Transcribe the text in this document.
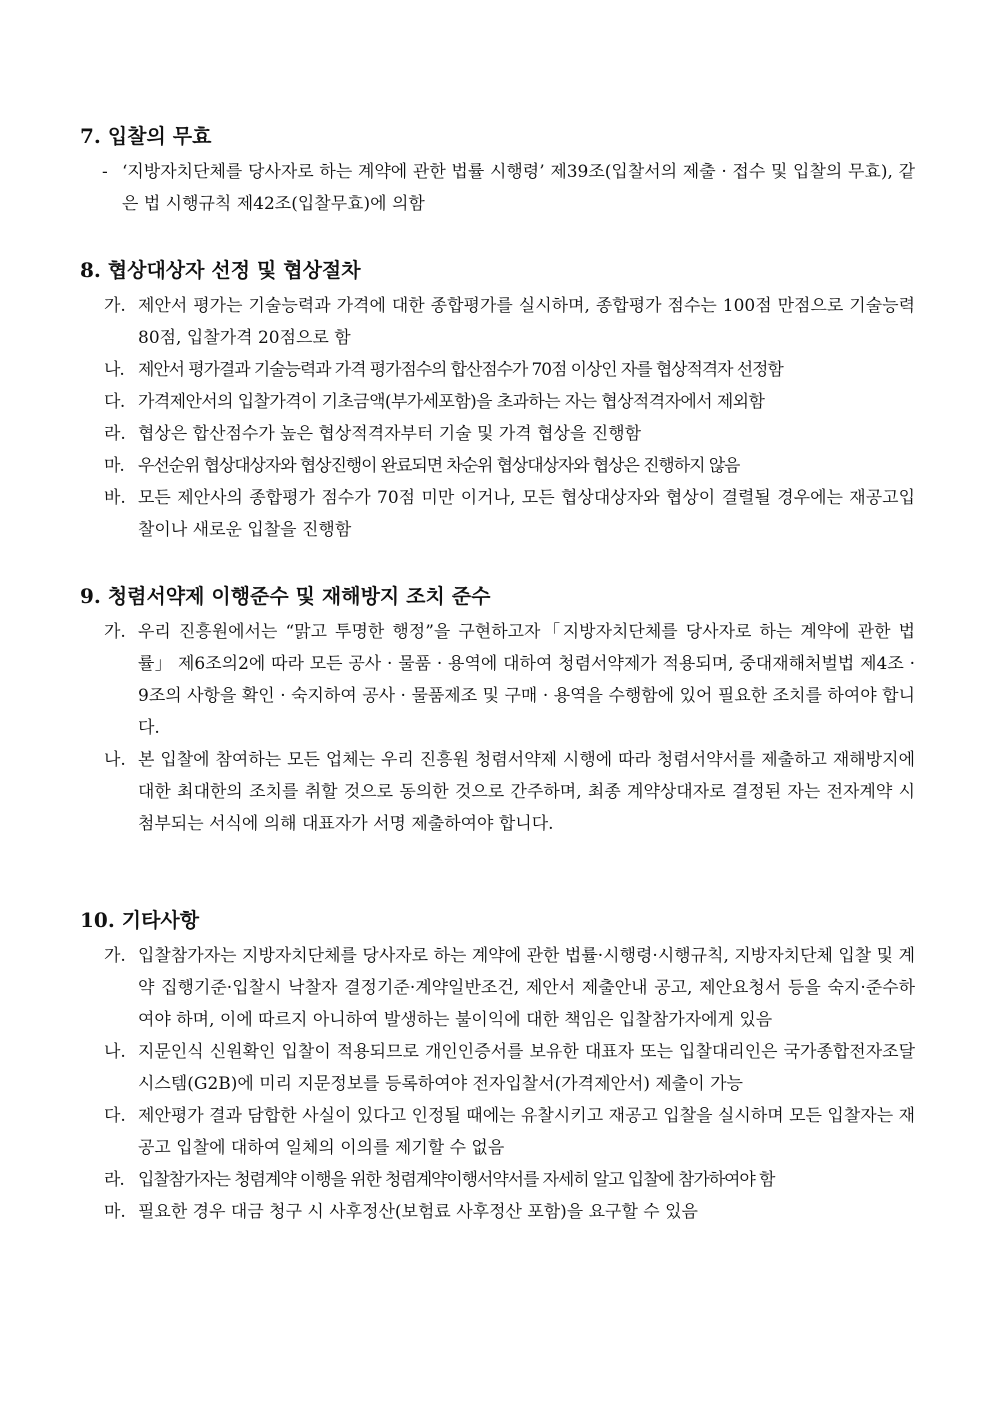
7. 입찰의 무효
- ‘지방자치단체를 당사자로 하는 계약에 관한 법률 시행령’ 제39조(입찰서의 제출 · 접수 및 입찰의 무효), 같은 법 시행규칙 제42조(입찰무효)에 의함
8. 협상대상자 선정 및 협상절차
가. 제안서 평가는 기술능력과 가격에 대한 종합평가를 실시하며, 종합평가 점수는 100점 만점으로 기술능력 80점, 입찰가격 20점으로 함
나. 제안서 평가결과 기술능력과 가격 평가점수의 합산점수가 70점 이상인 자를 협상적격자 선정함
다. 가격제안서의 입찰가격이 기초금액(부가세포함)을 초과하는 자는 협상적격자에서 제외함
라. 협상은 합산점수가 높은 협상적격자부터 기술 및 가격 협상을 진행함
마. 우선순위 협상대상자와 협상진행이 완료되면 차순위 협상대상자와 협상은 진행하지 않음
바. 모든 제안사의 종합평가 점수가 70점 미만 이거나, 모든 협상대상자와 협상이 결렬될 경우에는 재공고입찰이나 새로운 입찰을 진행함
9. 청렴서약제 이행준수 및 재해방지 조치 준수
가. 우리 진흥원에서는 “맑고 투명한 행정”을 구현하고자「지방자치단체를 당사자로 하는 계약에 관한 법률」 제6조의2에 따라 모든 공사 · 물품 · 용역에 대하여 청렴서약제가 적용되며, 중대재해처벌법 제4조 · 9조의 사항을 확인 · 숙지하여 공사 · 물품제조 및 구매 · 용역을 수행함에 있어 필요한 조치를 하여야 합니다.
나. 본 입찰에 참여하는 모든 업체는 우리 진흥원 청렴서약제 시행에 따라 청렴서약서를 제출하고 재해방지에 대한 최대한의 조치를 취할 것으로 동의한 것으로 간주하며, 최종 계약상대자로 결정된 자는 전자계약 시 첨부되는 서식에 의해 대표자가 서명 제출하여야 합니다.
10. 기타사항
가. 입찰참가자는 지방자치단체를 당사자로 하는 계약에 관한 법률·시행령·시행규칙, 지방자치단체 입찰 및 계약 집행기준·입찰시 낙찰자 결정기준·계약일반조건, 제안서 제출안내 공고, 제안요청서 등을 숙지·준수하여야 하며, 이에 따르지 아니하여 발생하는 불이익에 대한 책임은 입찰참가자에게 있음
나. 지문인식 신원확인 입찰이 적용되므로 개인인증서를 보유한 대표자 또는 입찰대리인은 국가종합전자조달시스템(G2B)에 미리 지문정보를 등록하여야 전자입찰서(가격제안서) 제출이 가능
다. 제안평가 결과 담합한 사실이 있다고 인정될 때에는 유찰시키고 재공고 입찰을 실시하며 모든 입찰자는 재공고 입찰에 대하여 일체의 이의를 제기할 수 없음
라. 입찰참가자는 청렴계약 이행을 위한 청렴계약이행서약서를 자세히 알고 입찰에 참가하여야 함
마. 필요한 경우 대금 청구 시 사후정산(보험료 사후정산 포함)을 요구할 수 있음
